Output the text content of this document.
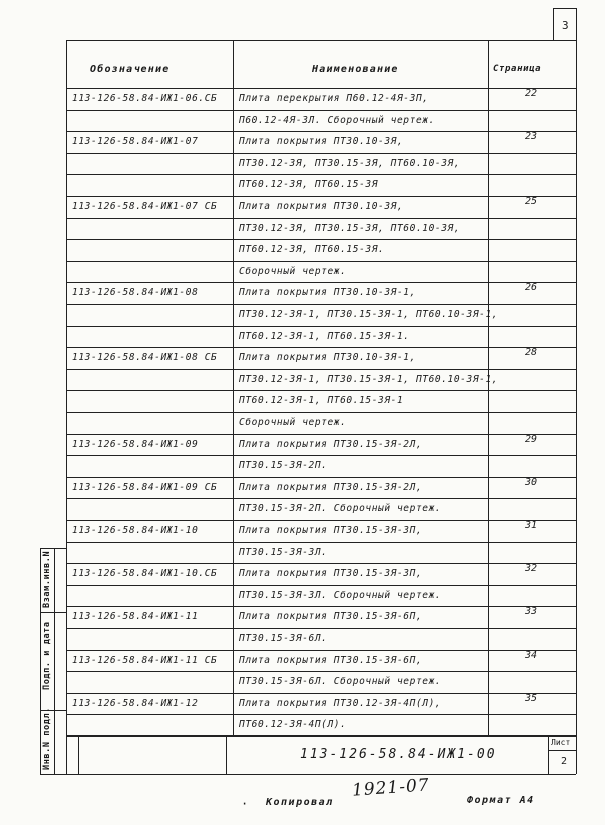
3
Обозначение	Наименование	Страница
113-126-58.84-ИЖ1-06.СБ Плита перекрытия П60.12-4Я-3П,	22
П60.12-4Я-3Л. Сборочный чертеж.
113-126-58.84-ИЖ1-07	Плита покрытия ПТ30.10-3Я,	23
ПТ30.12-3Я, ПТ30.15-3Я, ПТ60.10-3Я,
ПТ60.12-3Я, ПТ60.15-3Я
113-126-58.84-ИЖ1-07 СБ Плита покрытия ПТ30.10-3Я,	25
ПТ30.12-3Я, ПТ30.15-3Я, ПТ60.10-3Я,
ПТ60.12-3Я, ПТ60.15-3Я.
Сборочный чертеж.
113-126-58.84-ИЖ1-08	Плита покрытия ПТ30.10-3Я-1,	26
ПТ30.12-3Я-1, ПТ30.15-3Я-1, ПТ60.10-3Я-1,
ПТ60.12-3Я-1, ПТ60.15-3Я-1.
113-126-58.84-ИЖ1-08 СБ Плита покрытия ПТ30.10-3Я-1,	28
ПТ30.12-3Я-1, ПТ30.15-3Я-1, ПТ60.10-3Я-1,
ПТ60.12-3Я-1, ПТ60.15-3Я-1
Сборочный чертеж.
113-126-58.84-ИЖ1-09	Плита покрытия ПТ30.15-3Я-2Л,	29
ПТ30.15-3Я-2П.
113-126-58.84-ИЖ1-09 СБ Плита покрытия ПТ30.15-3Я-2Л,	30
ПТ30.15-3Я-2П. Сборочный чертеж.
113-126-58.84-ИЖ1-10	Плита покрытия ПТ30.15-3Я-3П,	31
ПТ30.15-3Я-3Л.
113-126-58.84-ИЖ1-10.СБ Плита покрытия ПТ30.15-3Я-3П,	32
ПТ30.15-3Я-3Л. Сборочный чертеж.
113-126-58.84-ИЖ1-11	Плита покрытия ПТ30.15-3Я-6П,	33
ПТ30.15-3Я-6Л.
113-126-58.84-ИЖ1-11 СБ Плита покрытия ПТ30.15-3Я-6П,	34
ПТ30.15-3Я-6Л. Сборочный чертеж.
113-126-58.84-ИЖ1-12	Плита покрытия ПТ30.12-3Я-4П(Л),	35
ПТ60.12-3Я-4П(Л).
Взам.инв.N
Подп. и дата
Инв.N подл.	113-126-58.84-ИЖ1-00
Лист
2
1921-07
· Копировал	Формат А4
